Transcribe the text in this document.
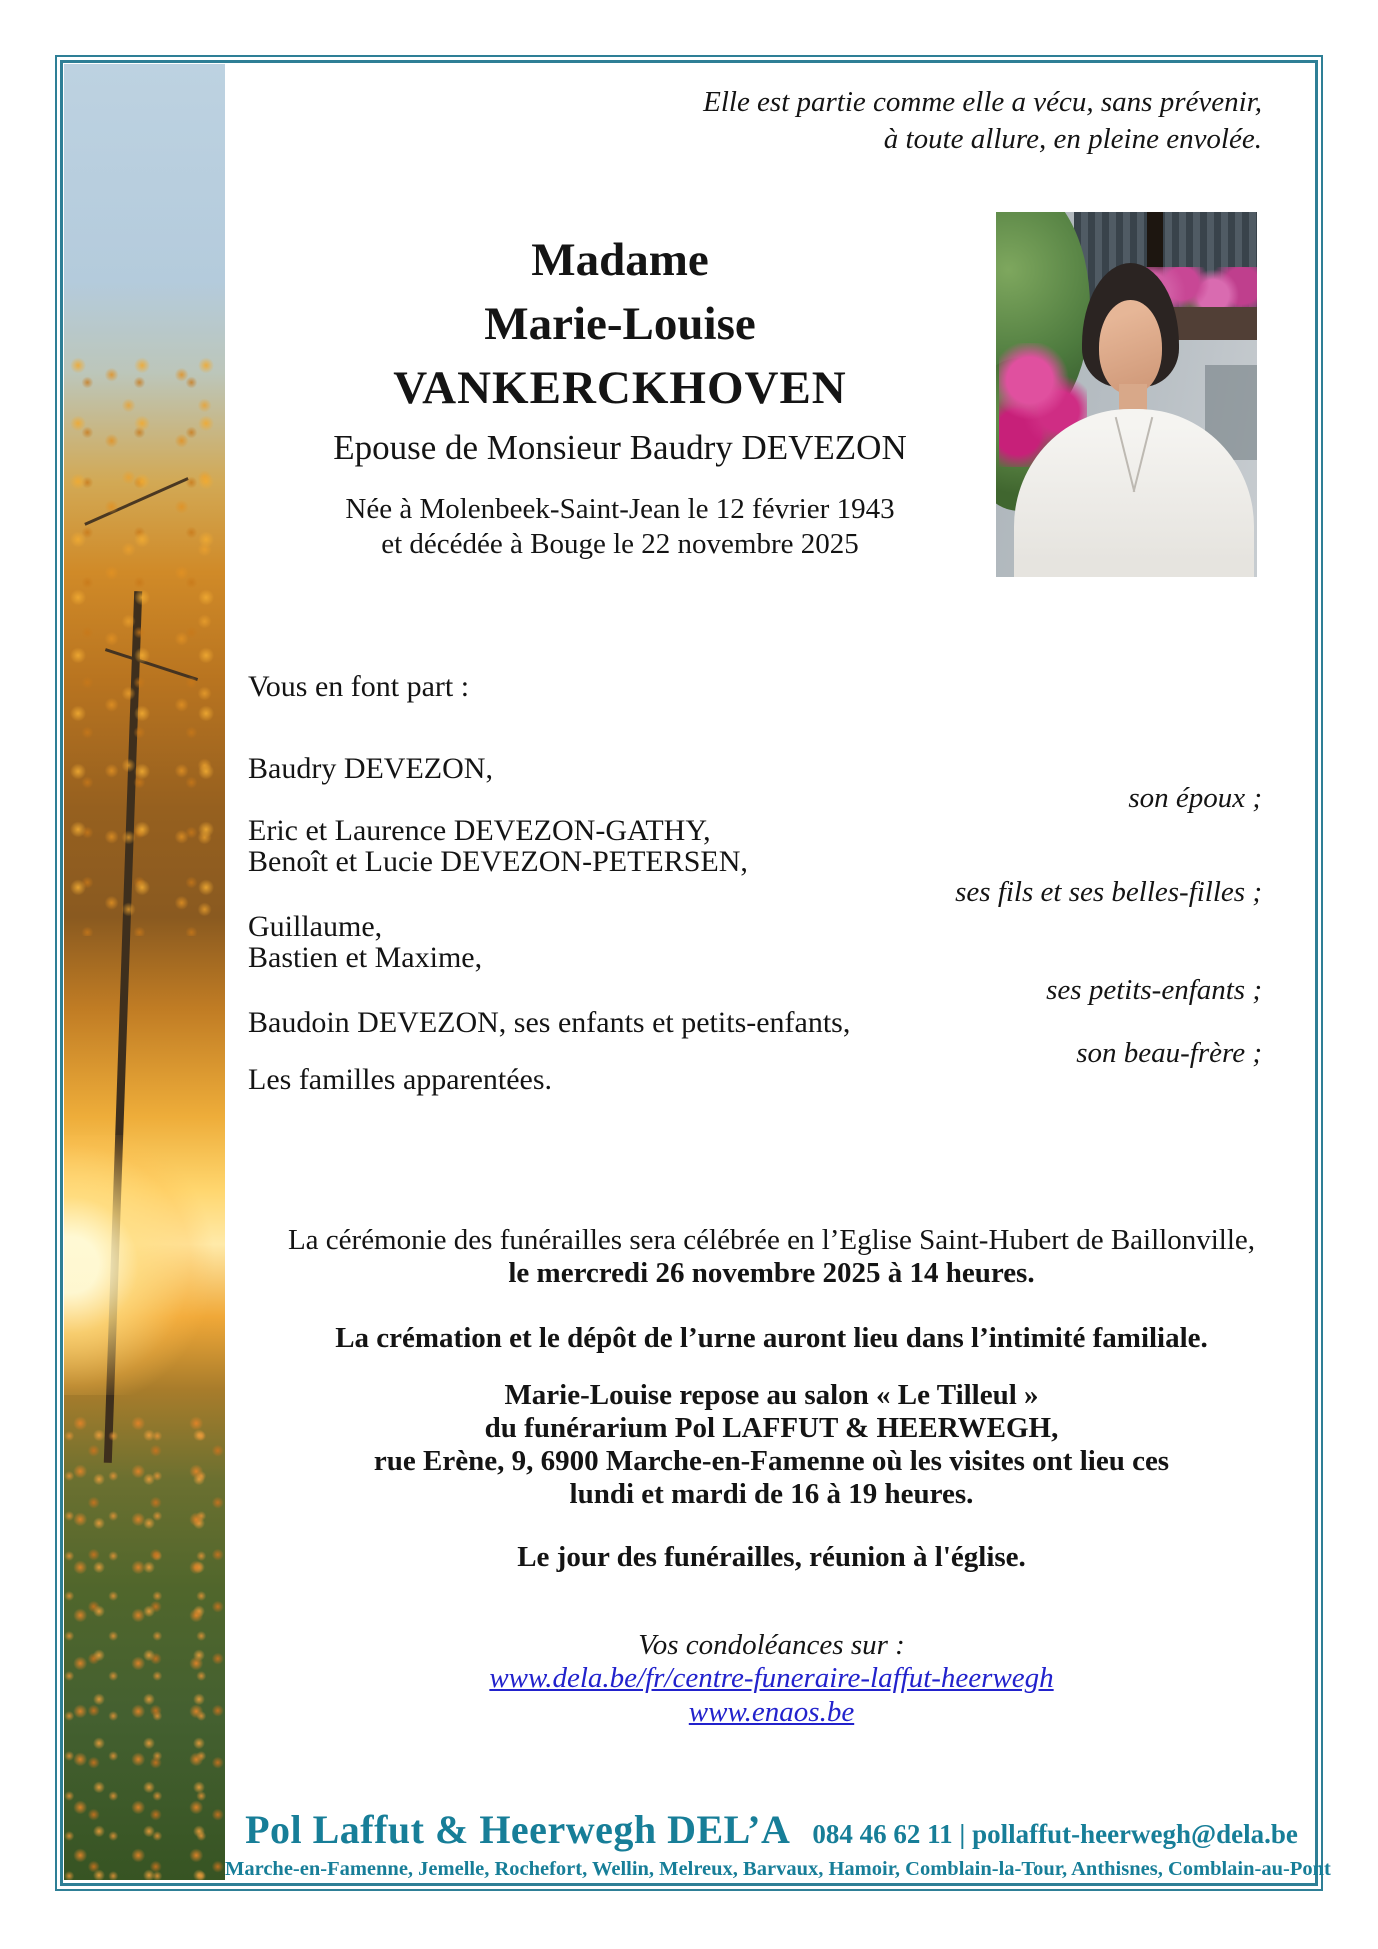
Elle est partie comme elle a vécu, sans prévenir,
à toute allure, en pleine envolée.
Madame
Marie-Louise
VANKERCKHOVEN
Epouse de Monsieur Baudry DEVEZON
Née à Molenbeek-Saint-Jean le 12 février 1943
et décédée à Bouge le 22 novembre 2025
Vous en font part :
Baudry DEVEZON,
son époux ;
Eric et Laurence DEVEZON-GATHY,
Benoît et Lucie DEVEZON-PETERSEN,
ses fils et ses belles-filles ;
Guillaume,
Bastien et Maxime,
ses petits-enfants ;
Baudoin DEVEZON, ses enfants et petits-enfants,
son beau-frère ;
Les familles apparentées.
La cérémonie des funérailles sera célébrée en l’Eglise Saint-Hubert de Baillonville,
le mercredi 26 novembre 2025 à 14 heures.
La crémation et le dépôt de l’urne auront lieu dans l’intimité familiale.
Marie-Louise repose au salon « Le Tilleul »
du funérarium Pol LAFFUT & HEERWEGH,
rue Erène, 9, 6900 Marche-en-Famenne où les visites ont lieu ces
lundi et mardi de 16 à 19 heures.
Le jour des funérailles, réunion à l'église.
Vos condoléances sur :
www.dela.be/fr/centre-funeraire-laffut-heerwegh
www.enaos.be
Pol Laffut & Heerwegh DEL’A 084 46 62 11 | pollaffut-heerwegh@dela.be
Marche-en-Famenne, Jemelle, Rochefort, Wellin, Melreux, Barvaux, Hamoir, Comblain-la-Tour, Anthisnes, Comblain-au-Pont
